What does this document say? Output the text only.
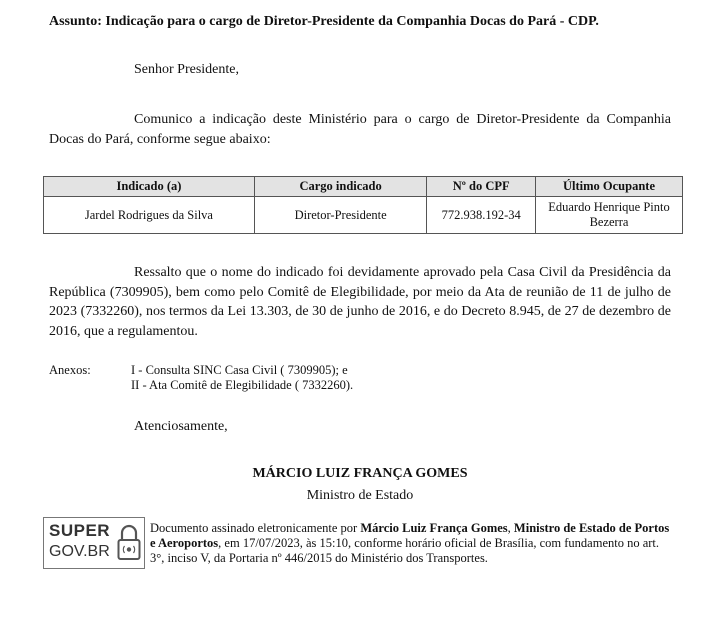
Assunto: Indicação para o cargo de Diretor-Presidente da Companhia Docas do Pará - CDP.
Senhor Presidente,
Comunico a indicação deste Ministério para o cargo de Diretor-Presidente da Companhia Docas do Pará, conforme segue abaixo:
Indicado (a)	Cargo indicado	Nº do CPF	Último Ocupante
Jardel Rodrigues da Silva	Diretor-Presidente	772.938.192-34	Eduardo Henrique Pinto Bezerra
Ressalto que o nome do indicado foi devidamente aprovado pela Casa Civil da Presidência da República (7309905), bem como pelo Comitê de Elegibilidade, por meio da Ata de reunião de 11 de julho de 2023 (7332260), nos termos da Lei 13.303, de 30 de junho de 2016, e do Decreto 8.945, de 27 de dezembro de 2016, que a regulamentou.
Anexos:	I - Consulta SINC Casa Civil ( 7309905); e
II - Ata Comitê de Elegibilidade ( 7332260).
Atenciosamente,
MÁRCIO LUIZ FRANÇA GOMES
Ministro de Estado
SUPER
GOV.BR
Documento assinado eletronicamente por Márcio Luiz França Gomes, Ministro de Estado de Portos e Aeroportos, em 17/07/2023, às 15:10, conforme horário oficial de Brasília, com fundamento no art. 3°, inciso V, da Portaria nº 446/2015 do Ministério dos Transportes.
